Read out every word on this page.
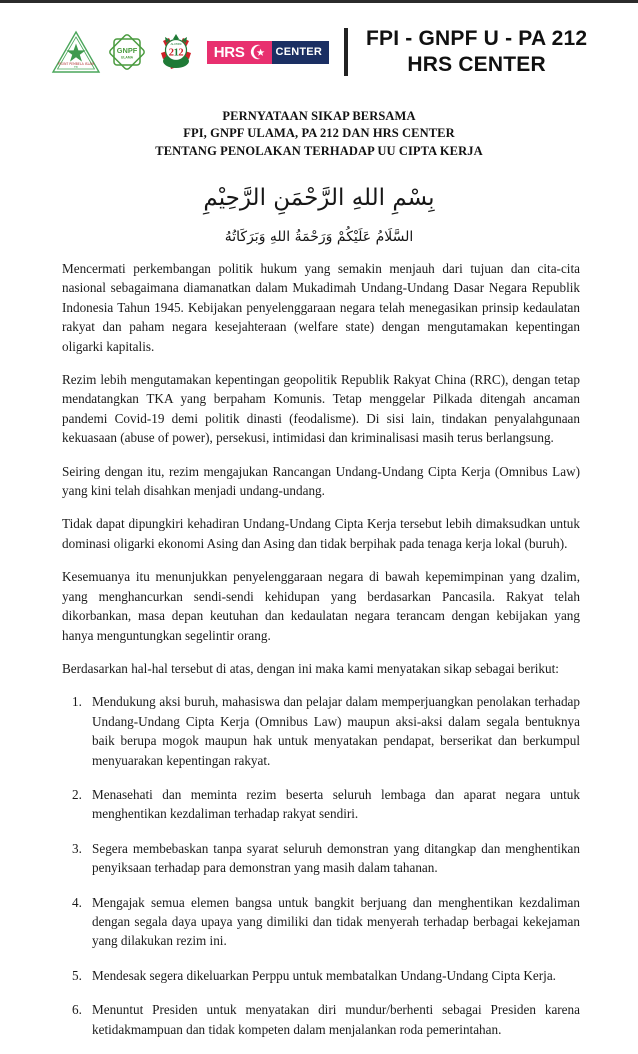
FRONT PEMBELA ISLAM
FPI
GNPF
ULAMA
ALUMNI
2 1 2 HRS	CENTER
FPI - GNPF U - PA 212
HRS CENTER
PERNYATAAN SIKAP BERSAMA
FPI, GNPF ULAMA, PA 212 DAN HRS CENTER
TENTANG PENOLAKAN TERHADAP UU CIPTA KERJA
بِسْمِ اللهِ الرَّحْمَنِ الرَّحِيْمِ
السَّلَامُ عَلَيْكُمْ وَرَحْمَةُ اللهِ وَبَرَكَاتُهُ

Mencermati perkembangan politik hukum yang semakin menjauh dari tujuan dan cita-cita nasional sebagaimana diamanatkan dalam Mukadimah Undang-Undang Dasar Negara Republik Indonesia Tahun 1945. Kebijakan penyelenggaraan negara telah menegasikan prinsip kedaulatan rakyat dan paham negara kesejahteraan (welfare state) dengan mengutamakan kepentingan oligarki kapitalis.

Rezim lebih mengutamakan kepentingan geopolitik Republik Rakyat China (RRC), dengan tetap mendatangkan TKA yang berpaham Komunis. Tetap menggelar Pilkada ditengah ancaman pandemi Covid-19 demi politik dinasti (feodalisme). Di sisi lain, tindakan penyalahgunaan kekuasaan (abuse of power), persekusi, intimidasi dan kriminalisasi masih terus berlangsung.

Seiring dengan itu, rezim mengajukan Rancangan Undang-Undang Cipta Kerja (Omnibus Law) yang kini telah disahkan menjadi undang-undang.

Tidak dapat dipungkiri kehadiran Undang-Undang Cipta Kerja tersebut lebih dimaksudkan untuk dominasi oligarki ekonomi Asing dan Asing dan tidak berpihak pada tenaga kerja lokal (buruh).

Kesemuanya itu menunjukkan penyelenggaraan negara di bawah kepemimpinan yang dzalim, yang menghancurkan sendi-sendi kehidupan yang berdasarkan Pancasila. Rakyat telah dikorbankan, masa depan keutuhan dan kedaulatan negara terancam dengan kebijakan yang hanya menguntungkan segelintir orang.

Berdasarkan hal-hal tersebut di atas, dengan ini maka kami menyatakan sikap sebagai berikut:

Mendukung aksi buruh, mahasiswa dan pelajar dalam memperjuangkan penolakan terhadap Undang-Undang Cipta Kerja (Omnibus Law) maupun aksi-aksi dalam segala bentuknya baik berupa mogok maupun hak untuk menyatakan pendapat, berserikat dan berkumpul menyuarakan kepentingan rakyat.
Menasehati dan meminta rezim beserta seluruh lembaga dan aparat negara untuk menghentikan kezdaliman terhadap rakyat sendiri.
Segera membebaskan tanpa syarat seluruh demonstran yang ditangkap dan menghentikan penyiksaan terhadap para demonstran yang masih dalam tahanan.
Mengajak semua elemen bangsa untuk bangkit berjuang dan menghentikan kezdaliman dengan segala daya upaya yang dimiliki dan tidak menyerah terhadap berbagai kekejaman yang dilakukan rezim ini.
Mendesak segera dikeluarkan Perppu untuk membatalkan Undang-Undang Cipta Kerja.
Menuntut Presiden untuk menyatakan diri mundur/berhenti sebagai Presiden karena ketidakmampuan dan tidak kompeten dalam menjalankan roda pemerintahan.
